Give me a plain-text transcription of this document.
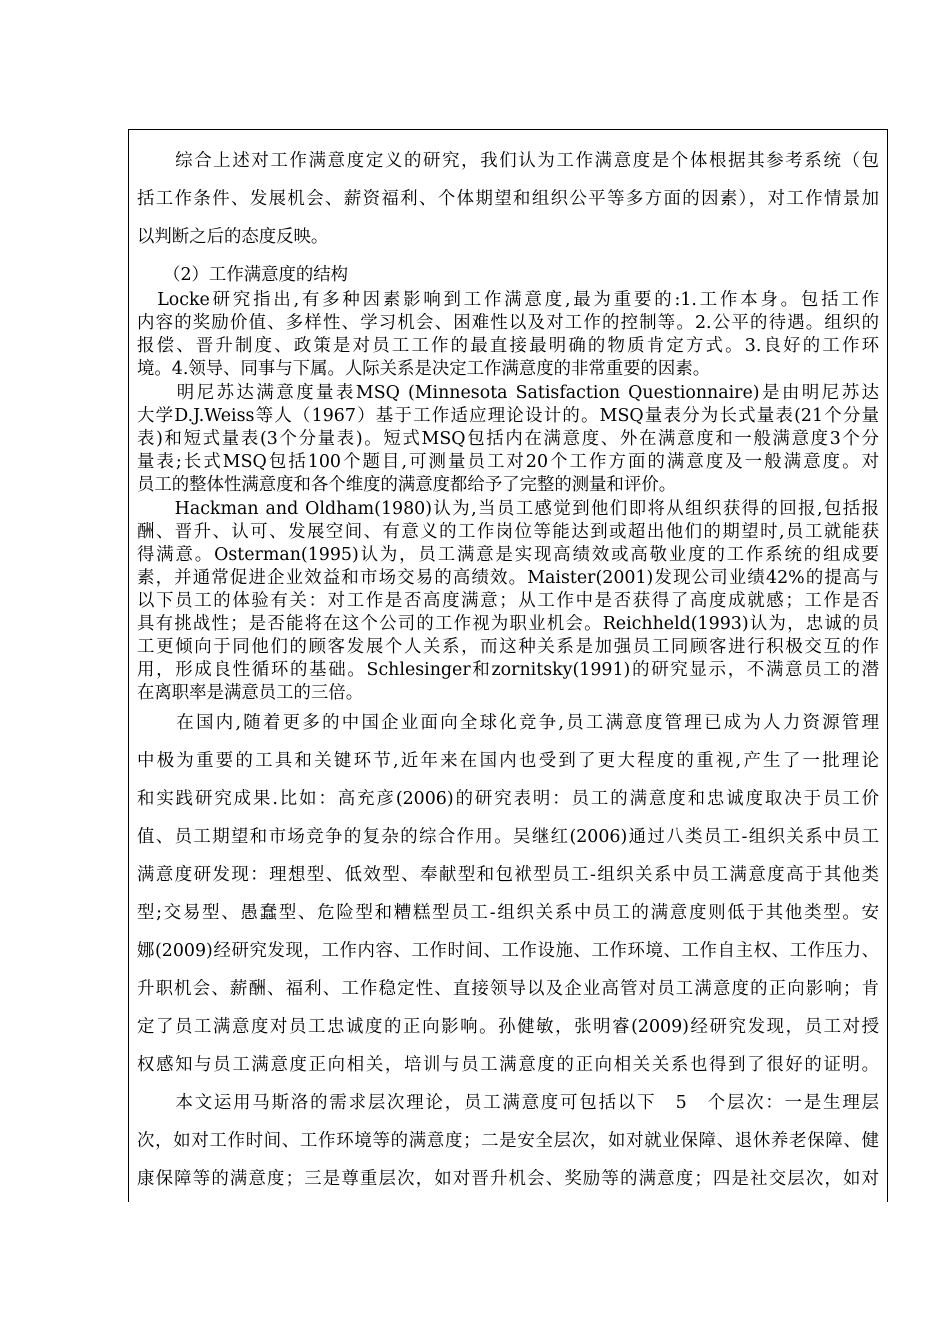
　　综合上述对工作满意度定义的研究，我们认为工作满意度是个体根据其参考系统（包
括工作条件、发展机会、薪资福利、个体期望和组织公平等多方面的因素），对工作情景加
以判断之后的态度反映。
　　（2）工作满意度的结构
　Locke研究指出,有多种因素影响到工作满意度,最为重要的:1.工作本身。包括工作
内容的奖励价值、多样性、学习机会、困难性以及对工作的控制等。2.公平的待遇。组织的
报偿、晋升制度、政策是对员工工作的最直接最明确的物质肯定方式。3.良好的工作环
境。4.领导、同事与下属。人际关系是决定工作满意度的非常重要的因素。
　　明尼苏达满意度量表MSQ (Minnesota Satisfaction Questionnaire)是由明尼苏达
大学D.J.Weiss等人（1967）基于工作适应理论设计的。MSQ量表分为长式量表(21个分量
表)和短式量表(3个分量表)。短式MSQ包括内在满意度、外在满意度和一般满意度3个分
量表;长式MSQ包括100个题目,可测量员工对20个工作方面的满意度及一般满意度。对
员工的整体性满意度和各个维度的满意度都给予了完整的测量和评价。
　　Hackman and Oldham(1980)认为,当员工感觉到他们即将从组织获得的回报,包括报
酬、晋升、认可、发展空间、有意义的工作岗位等能达到或超出他们的期望时,员工就能获
得满意。Osterman(1995)认为，员工满意是实现高绩效或高敬业度的工作系统的组成要
素，并通常促进企业效益和市场交易的高绩效。Maister(2001)发现公司业绩42%的提高与
以下员工的体验有关：对工作是否高度满意；从工作中是否获得了高度成就感；工作是否
具有挑战性；是否能将在这个公司的工作视为职业机会。Reichheld(1993)认为，忠诚的员
工更倾向于同他们的顾客发展个人关系，而这种关系是加强员工同顾客进行积极交互的作
用，形成良性循环的基础。Schlesinger和zornitsky(1991)的研究显示，不满意员工的潜
在离职率是满意员工的三倍。
　　在国内,随着更多的中国企业面向全球化竞争,员工满意度管理已成为人力资源管理
中极为重要的工具和关键环节,近年来在国内也受到了更大程度的重视,产生了一批理论
和实践研究成果.比如：高充彦(2006)的研究表明：员工的满意度和忠诚度取决于员工价
值、员工期望和市场竞争的复杂的综合作用。吴继红(2006)通过八类员工-组织关系中员工
满意度研发现：理想型、低效型、奉献型和包袱型员工-组织关系中员工满意度高于其他类
型;交易型、愚蠢型、危险型和糟糕型员工-组织关系中员工的满意度则低于其他类型。安
娜(2009)经研究发现，工作内容、工作时间、工作设施、工作环境、工作自主权、工作压力、
升职机会、薪酬、福利、工作稳定性、直接领导以及企业高管对员工满意度的正向影响；肯
定了员工满意度对员工忠诚度的正向影响。孙健敏，张明睿(2009)经研究发现，员工对授
权感知与员工满意度正向相关，培训与员工满意度的正向相关关系也得到了很好的证明。
　　本文运用马斯洛的需求层次理论，员工满意度可包括以下　5　个层次：一是生理层
次，如对工作时间、工作环境等的满意度；二是安全层次，如对就业保障、退休养老保障、健
康保障等的满意度；三是尊重层次，如对晋升机会、奖励等的满意度；四是社交层次，如对
